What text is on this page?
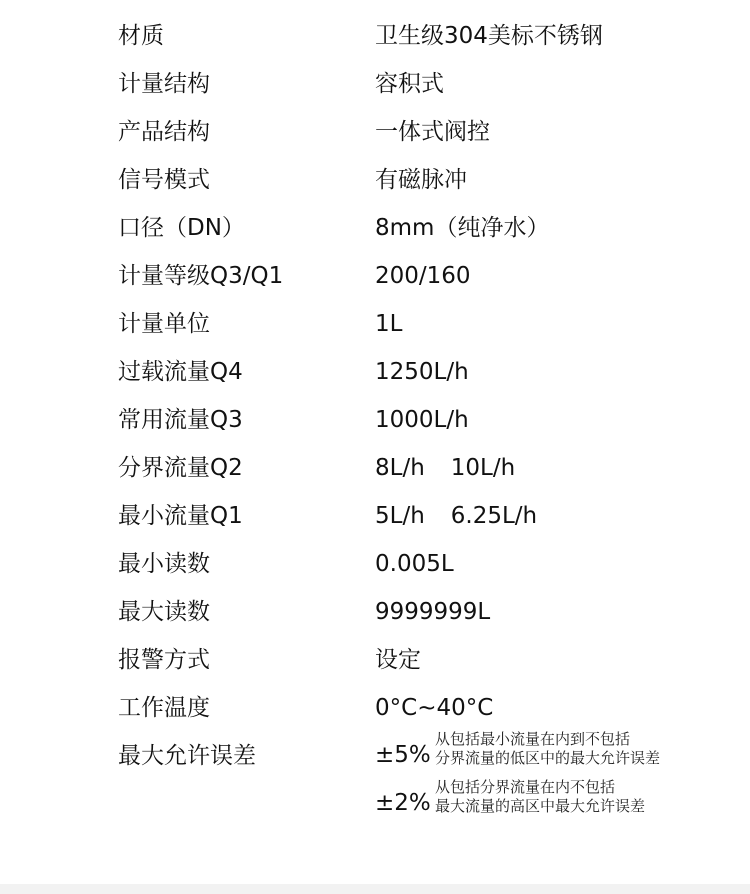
材质	卫生级304美标不锈钢
计量结构	容积式
产品结构	一体式阀控
信号模式	有磁脉冲
口径（DN）	8mm（纯净水）
计量等级Q3/Q1	200/160
计量单位	1L
过载流量Q4	1250L/h
常用流量Q3	1000L/h
分界流量Q2	8L/h 10L/h
最小流量Q1	5L/h 6.25L/h
最小读数	0.005L
最大读数	9999999L
报警方式	设定
工作温度	0°C~40°C
最大允许误差	±5%
从包括最小流量在内到不包括
分界流量的低区中的最大允许误差
±2%
从包括分界流量在内不包括
最大流量的高区中最大允许误差
